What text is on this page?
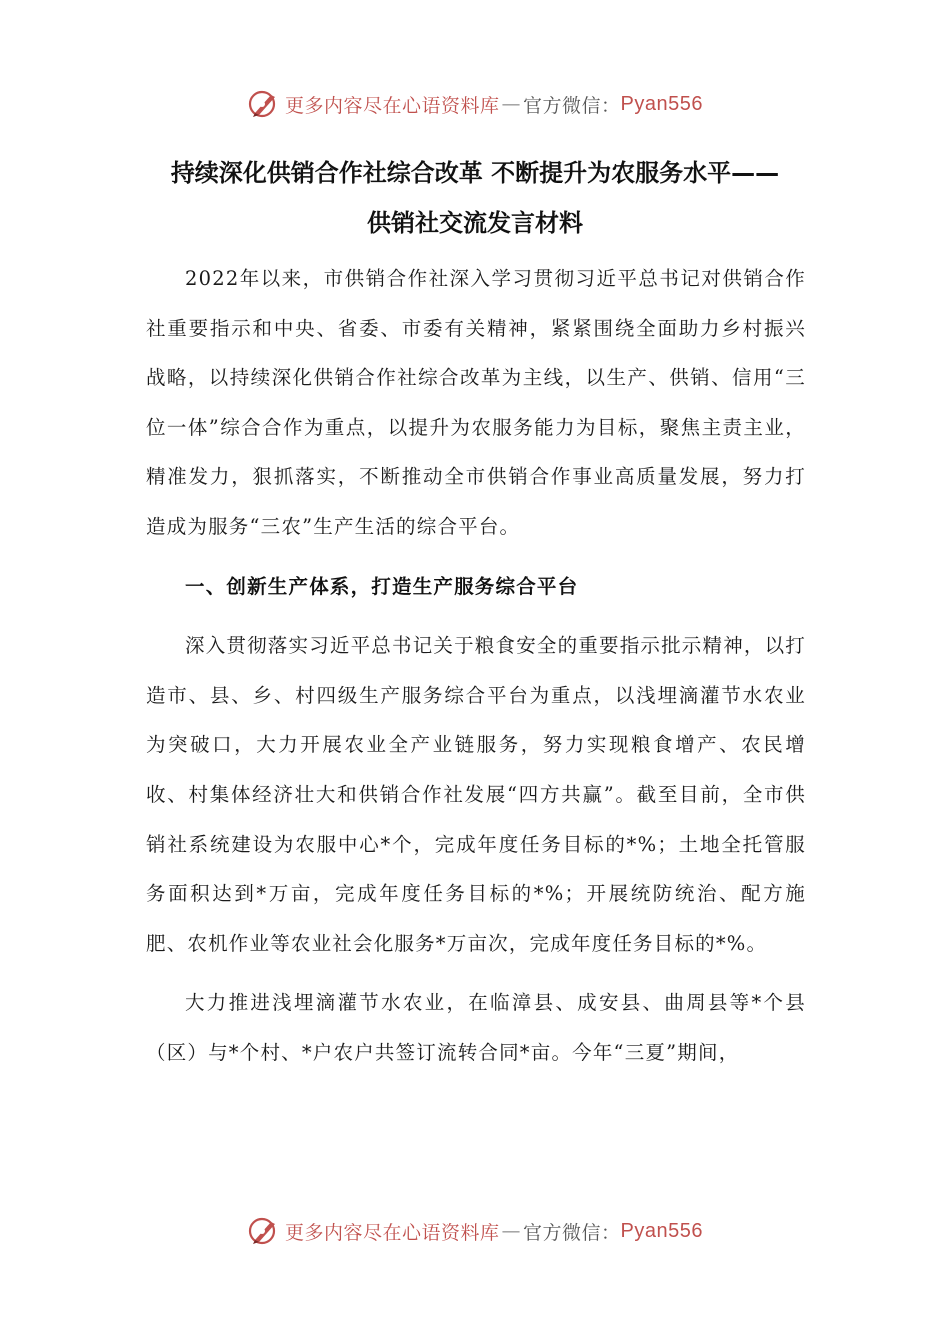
更多内容尽在心语资料库 — 官方微信： Pyan556
持续深化供销合作社综合改革 不断提升为农服务水平——
供销社交流发言材料

2022年以来，市供销合作社深入学习贯彻习近平总书记对供销合作社重要指示和中央、省委、市委有关精神，紧紧围绕全面助力乡村振兴战略，以持续深化供销合作社综合改革为主线，以生产、供销、信用“三位一体”综合合作为重点，以提升为农服务能力为目标，聚焦主责主业，精准发力，狠抓落实，不断推动全市供销合作事业高质量发展，努力打造成为服务“三农”生产生活的综合平台。

一、创新生产体系，打造生产服务综合平台

深入贯彻落实习近平总书记关于粮食安全的重要指示批示精神，以打造市、县、乡、村四级生产服务综合平台为重点，以浅埋滴灌节水农业为突破口，大力开展农业全产业链服务，努力实现粮食增产、农民增收、村集体经济壮大和供销合作社发展“四方共赢”。截至目前，全市供销社系统建设为农服中心*个，完成年度任务目标的*%；土地全托管服务面积达到*万亩，完成年度任务目标的*%；开展统防统治、配方施肥、农机作业等农业社会化服务*万亩次，完成年度任务目标的*%。

大力推进浅埋滴灌节水农业，在临漳县、成安县、曲周县等*个县（区）与*个村、*户农户共签订流转合同*亩。今年“三夏”期间，

更多内容尽在心语资料库 — 官方微信： Pyan556
